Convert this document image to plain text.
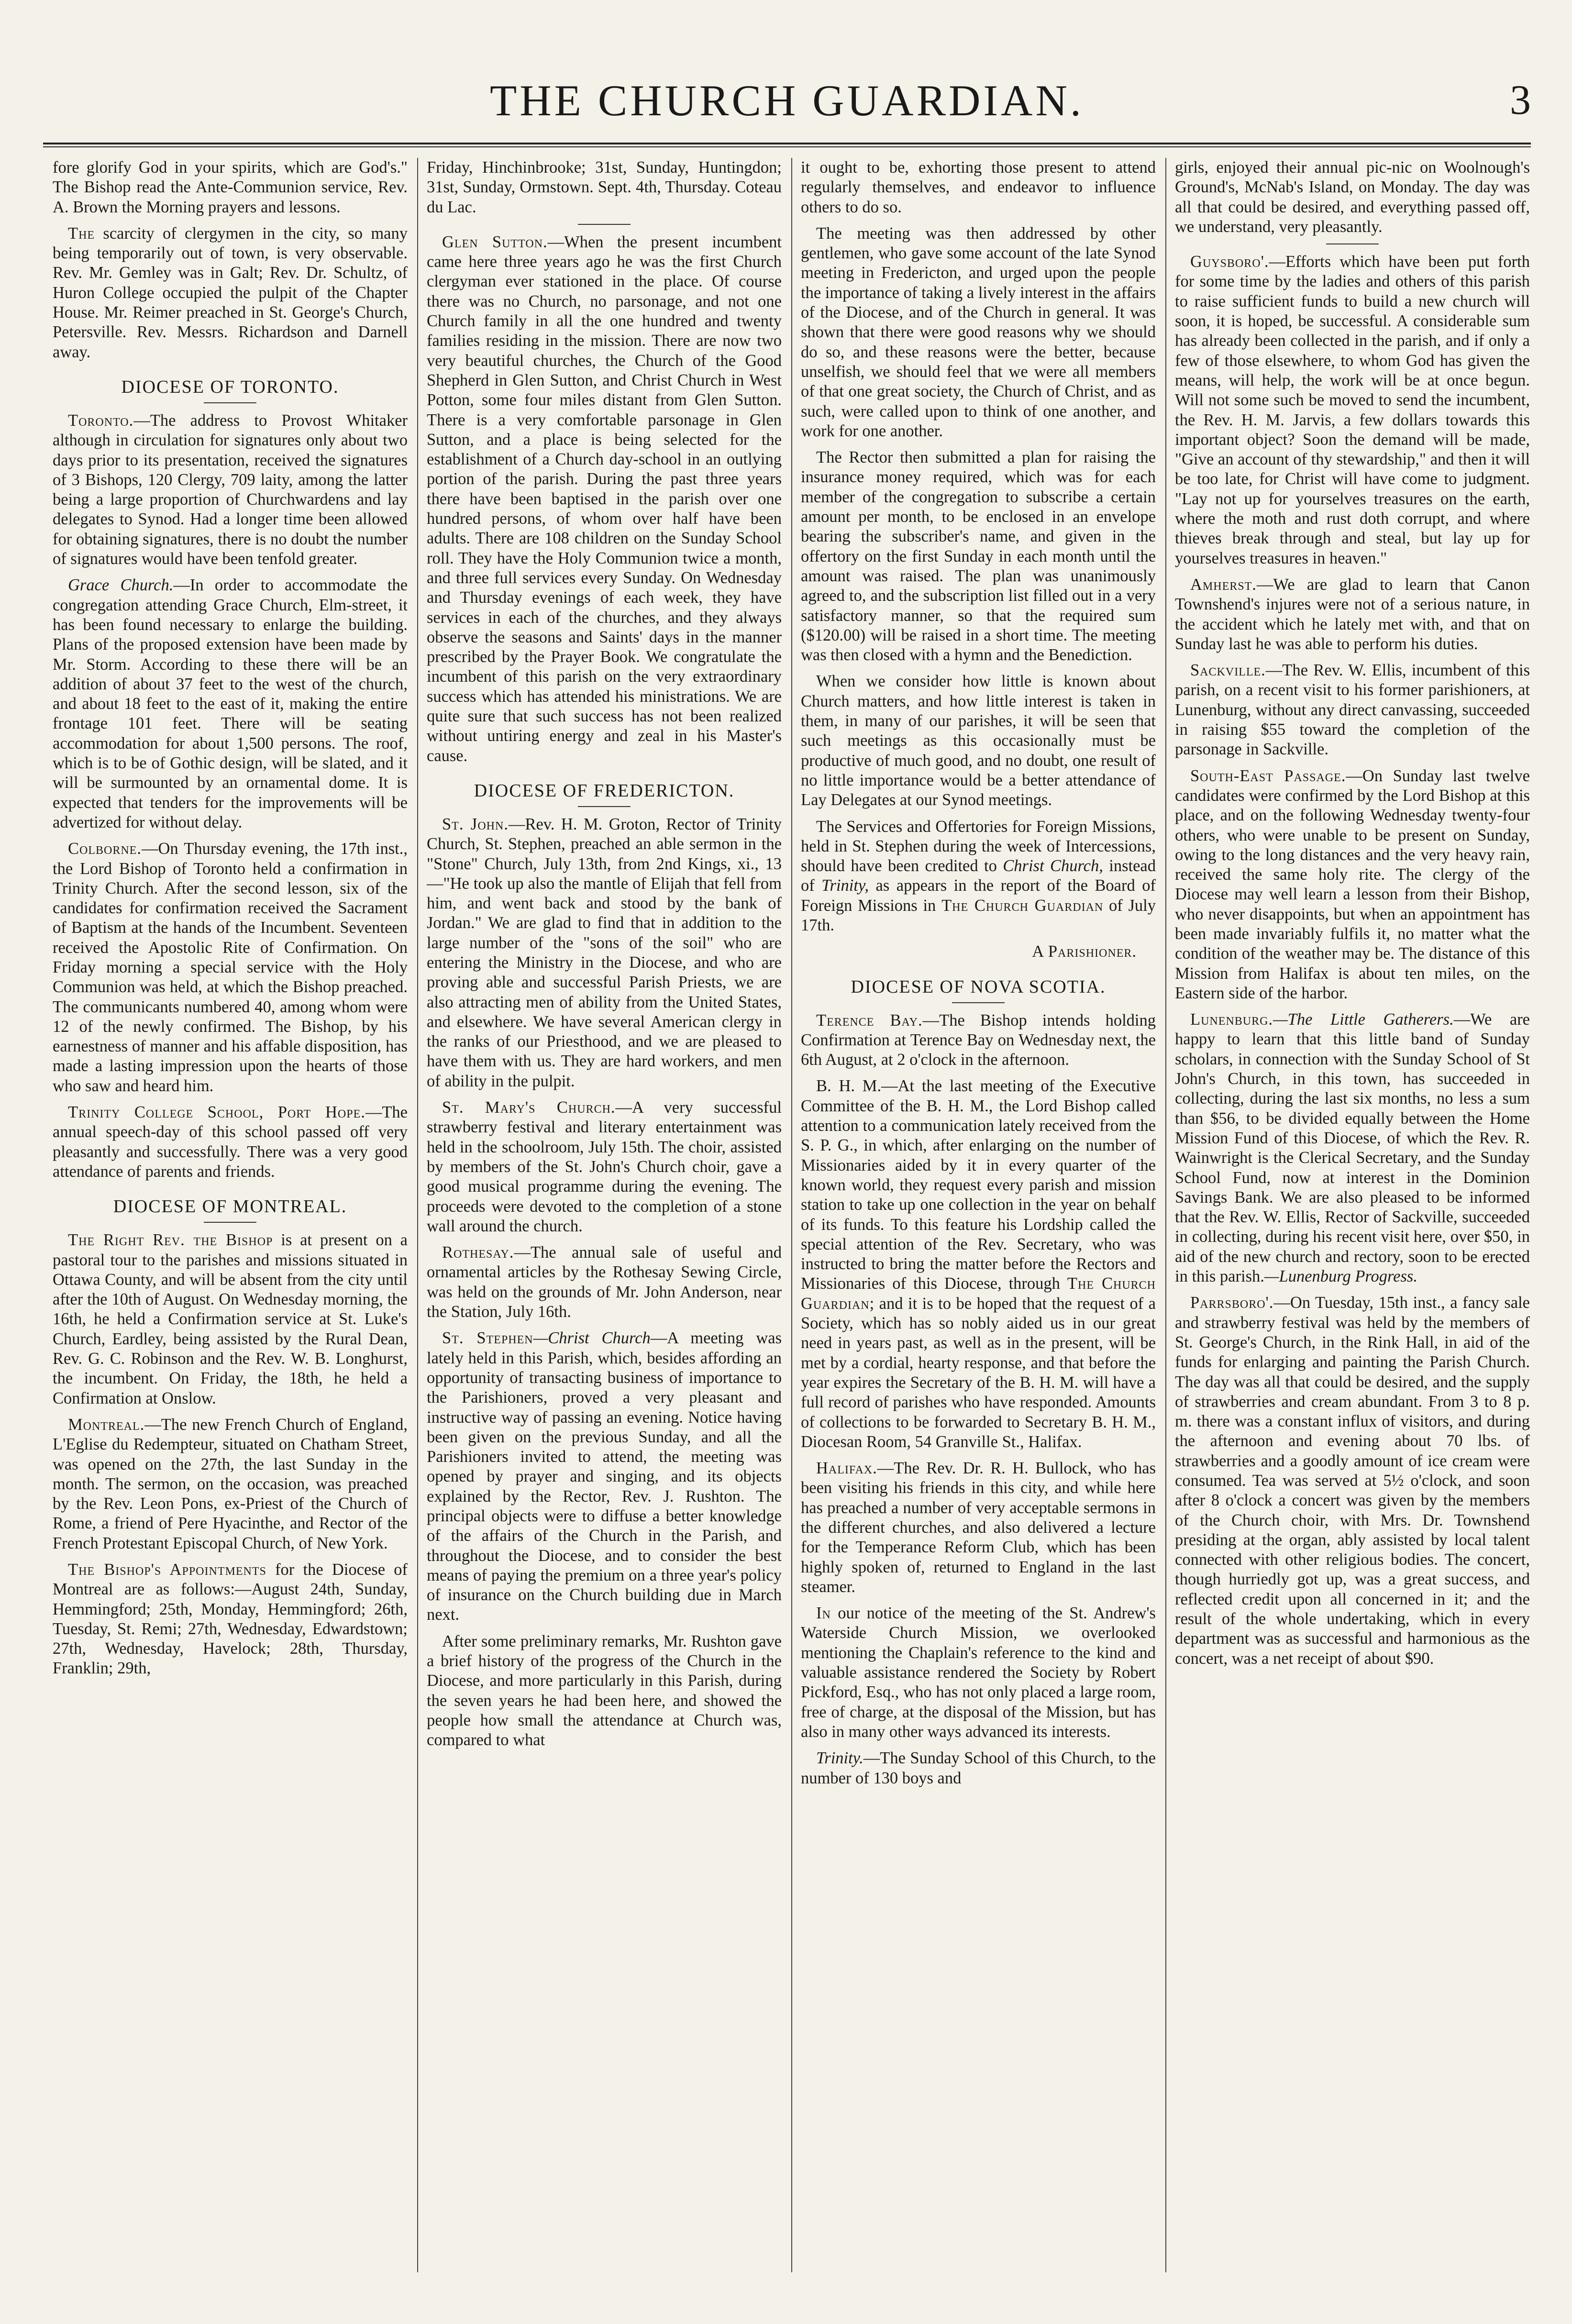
THE CHURCH GUARDIAN.	3

fore glorify God in your spirits, which are God's." The Bishop read the Ante-Communion service, Rev. A. Brown the Morning prayers and lessons.

The scarcity of clergymen in the city, so many being temporarily out of town, is very observable. Rev. Mr. Gemley was in Galt; Rev. Dr. Schultz, of Huron College occupied the pulpit of the Chapter House. Mr. Reimer preached in St. George's Church, Petersville. Rev. Messrs. Richardson and Darnell away.

DIOCESE OF TORONTO.

Toronto.—The address to Provost Whitaker although in circulation for signatures only about two days prior to its presentation, received the signatures of 3 Bishops, 120 Clergy, 709 laity, among the latter being a large proportion of Churchwardens and lay delegates to Synod. Had a longer time been allowed for obtaining signatures, there is no doubt the number of signatures would have been tenfold greater.

Grace Church.—In order to accommodate the congregation attending Grace Church, Elm-street, it has been found necessary to enlarge the building. Plans of the proposed extension have been made by Mr. Storm. According to these there will be an addition of about 37 feet to the west of the church, and about 18 feet to the east of it, making the entire frontage 101 feet. There will be seating accommodation for about 1,500 persons. The roof, which is to be of Gothic design, will be slated, and it will be surmounted by an ornamental dome. It is expected that tenders for the improvements will be advertized for without delay.

Colborne.—On Thursday evening, the 17th inst., the Lord Bishop of Toronto held a confirmation in Trinity Church. After the second lesson, six of the candidates for confirmation received the Sacrament of Baptism at the hands of the Incumbent. Seventeen received the Apostolic Rite of Confirmation. On Friday morning a special service with the Holy Communion was held, at which the Bishop preached. The communicants numbered 40, among whom were 12 of the newly confirmed. The Bishop, by his earnestness of manner and his affable disposition, has made a lasting impression upon the hearts of those who saw and heard him.

Trinity College School, Port Hope.—The annual speech-day of this school passed off very pleasantly and successfully. There was a very good attendance of parents and friends.

DIOCESE OF MONTREAL.

The Right Rev. the Bishop is at present on a pastoral tour to the parishes and missions situated in Ottawa County, and will be absent from the city until after the 10th of August. On Wednesday morning, the 16th, he held a Confirmation service at St. Luke's Church, Eardley, being assisted by the Rural Dean, Rev. G. C. Robinson and the Rev. W. B. Longhurst, the incumbent. On Friday, the 18th, he held a Confirmation at Onslow.

Montreal.—The new French Church of England, L'Eglise du Redempteur, situated on Chatham Street, was opened on the 27th, the last Sunday in the month. The sermon, on the occasion, was preached by the Rev. Leon Pons, ex-Priest of the Church of Rome, a friend of Pere Hyacinthe, and Rector of the French Protestant Episcopal Church, of New York.

The Bishop's Appointments for the Diocese of Montreal are as follows:—August 24th, Sunday, Hemmingford; 25th, Monday, Hemmingford; 26th, Tuesday, St. Remi; 27th, Wednesday, Edwardstown; 27th, Wednesday, Havelock; 28th, Thursday, Franklin; 29th,

Friday, Hinchinbrooke; 31st, Sunday, Huntingdon; 31st, Sunday, Ormstown. Sept. 4th, Thursday. Coteau du Lac.

Glen Sutton.—When the present incumbent came here three years ago he was the first Church clergyman ever stationed in the place. Of course there was no Church, no parsonage, and not one Church family in all the one hundred and twenty families residing in the mission. There are now two very beautiful churches, the Church of the Good Shepherd in Glen Sutton, and Christ Church in West Potton, some four miles distant from Glen Sutton. There is a very comfortable parsonage in Glen Sutton, and a place is being selected for the establishment of a Church day-school in an outlying portion of the parish. During the past three years there have been baptised in the parish over one hundred persons, of whom over half have been adults. There are 108 children on the Sunday School roll. They have the Holy Communion twice a month, and three full services every Sunday. On Wednesday and Thursday evenings of each week, they have services in each of the churches, and they always observe the seasons and Saints' days in the manner prescribed by the Prayer Book. We congratulate the incumbent of this parish on the very extraordinary success which has attended his ministrations. We are quite sure that such success has not been realized without untiring energy and zeal in his Master's cause.

DIOCESE OF FREDERICTON.

St. John.—Rev. H. M. Groton, Rector of Trinity Church, St. Stephen, preached an able sermon in the "Stone" Church, July 13th, from 2nd Kings, xi., 13—"He took up also the mantle of Elijah that fell from him, and went back and stood by the bank of Jordan." We are glad to find that in addition to the large number of the "sons of the soil" who are entering the Ministry in the Diocese, and who are proving able and successful Parish Priests, we are also attracting men of ability from the United States, and elsewhere. We have several American clergy in the ranks of our Priesthood, and we are pleased to have them with us. They are hard workers, and men of ability in the pulpit.

St. Mary's Church.—A very successful strawberry festival and literary entertainment was held in the schoolroom, July 15th. The choir, assisted by members of the St. John's Church choir, gave a good musical programme during the evening. The proceeds were devoted to the completion of a stone wall around the church.

Rothesay.—The annual sale of useful and ornamental articles by the Rothesay Sewing Circle, was held on the grounds of Mr. John Anderson, near the Station, July 16th.

St. Stephen—Christ Church—A meeting was lately held in this Parish, which, besides affording an opportunity of transacting business of importance to the Parishioners, proved a very pleasant and instructive way of passing an evening. Notice having been given on the previous Sunday, and all the Parishioners invited to attend, the meeting was opened by prayer and singing, and its objects explained by the Rector, Rev. J. Rushton. The principal objects were to diffuse a better knowledge of the affairs of the Church in the Parish, and throughout the Diocese, and to consider the best means of paying the premium on a three year's policy of insurance on the Church building due in March next.

After some preliminary remarks, Mr. Rushton gave a brief history of the progress of the Church in the Diocese, and more particularly in this Parish, during the seven years he had been here, and showed the people how small the attendance at Church was, compared to what

it ought to be, exhorting those present to attend regularly themselves, and endeavor to influence others to do so.

The meeting was then addressed by other gentlemen, who gave some account of the late Synod meeting in Fredericton, and urged upon the people the importance of taking a lively interest in the affairs of the Diocese, and of the Church in general. It was shown that there were good reasons why we should do so, and these reasons were the better, because unselfish, we should feel that we were all members of that one great society, the Church of Christ, and as such, were called upon to think of one another, and work for one another.

The Rector then submitted a plan for raising the insurance money required, which was for each member of the congregation to subscribe a certain amount per month, to be enclosed in an envelope bearing the subscriber's name, and given in the offertory on the first Sunday in each month until the amount was raised. The plan was unanimously agreed to, and the subscription list filled out in a very satisfactory manner, so that the required sum ($120.00) will be raised in a short time. The meeting was then closed with a hymn and the Benediction.

When we consider how little is known about Church matters, and how little interest is taken in them, in many of our parishes, it will be seen that such meetings as this occasionally must be productive of much good, and no doubt, one result of no little importance would be a better attendance of Lay Delegates at our Synod meetings.

The Services and Offertories for Foreign Missions, held in St. Stephen during the week of Intercessions, should have been credited to Christ Church, instead of Trinity, as appears in the report of the Board of Foreign Missions in The Church Guardian of July 17th.

A Parishioner.

DIOCESE OF NOVA SCOTIA.

Terence Bay.—The Bishop intends holding Confirmation at Terence Bay on Wednesday next, the 6th August, at 2 o'clock in the afternoon.

B. H. M.—At the last meeting of the Executive Committee of the B. H. M., the Lord Bishop called attention to a communication lately received from the S. P. G., in which, after enlarging on the number of Missionaries aided by it in every quarter of the known world, they request every parish and mission station to take up one collection in the year on behalf of its funds. To this feature his Lordship called the special attention of the Rev. Secretary, who was instructed to bring the matter before the Rectors and Missionaries of this Diocese, through The Church Guardian; and it is to be hoped that the request of a Society, which has so nobly aided us in our great need in years past, as well as in the present, will be met by a cordial, hearty response, and that before the year expires the Secretary of the B. H. M. will have a full record of parishes who have responded. Amounts of collections to be forwarded to Secretary B. H. M., Diocesan Room, 54 Granville St., Halifax.

Halifax.—The Rev. Dr. R. H. Bullock, who has been visiting his friends in this city, and while here has preached a number of very acceptable sermons in the different churches, and also delivered a lecture for the Temperance Reform Club, which has been highly spoken of, returned to England in the last steamer.

In our notice of the meeting of the St. Andrew's Waterside Church Mission, we overlooked mentioning the Chaplain's reference to the kind and valuable assistance rendered the Society by Robert Pickford, Esq., who has not only placed a large room, free of charge, at the disposal of the Mission, but has also in many other ways advanced its interests.

Trinity.—The Sunday School of this Church, to the number of 130 boys and

girls, enjoyed their annual pic-nic on Woolnough's Ground's, McNab's Island, on Monday. The day was all that could be desired, and everything passed off, we understand, very pleasantly.

Guysboro'.—Efforts which have been put forth for some time by the ladies and others of this parish to raise sufficient funds to build a new church will soon, it is hoped, be successful. A considerable sum has already been collected in the parish, and if only a few of those elsewhere, to whom God has given the means, will help, the work will be at once begun. Will not some such be moved to send the incumbent, the Rev. H. M. Jarvis, a few dollars towards this important object? Soon the demand will be made, "Give an account of thy stewardship," and then it will be too late, for Christ will have come to judgment. "Lay not up for yourselves treasures on the earth, where the moth and rust doth corrupt, and where thieves break through and steal, but lay up for yourselves treasures in heaven."

Amherst.—We are glad to learn that Canon Townshend's injures were not of a serious nature, in the accident which he lately met with, and that on Sunday last he was able to perform his duties.

Sackville.—The Rev. W. Ellis, incumbent of this parish, on a recent visit to his former parishioners, at Lunenburg, without any direct canvassing, succeeded in raising $55 toward the completion of the parsonage in Sackville.

South-East Passage.—On Sunday last twelve candidates were confirmed by the Lord Bishop at this place, and on the following Wednesday twenty-four others, who were unable to be present on Sunday, owing to the long distances and the very heavy rain, received the same holy rite. The clergy of the Diocese may well learn a lesson from their Bishop, who never disappoints, but when an appointment has been made invariably fulfils it, no matter what the condition of the weather may be. The distance of this Mission from Halifax is about ten miles, on the Eastern side of the harbor.

Lunenburg.—The Little Gatherers.—We are happy to learn that this little band of Sunday scholars, in connection with the Sunday School of St John's Church, in this town, has succeeded in collecting, during the last six months, no less a sum than $56, to be divided equally between the Home Mission Fund of this Diocese, of which the Rev. R. Wainwright is the Clerical Secretary, and the Sunday School Fund, now at interest in the Dominion Savings Bank. We are also pleased to be informed that the Rev. W. Ellis, Rector of Sackville, succeeded in collecting, during his recent visit here, over $50, in aid of the new church and rectory, soon to be erected in this parish.—Lunenburg Progress.

Parrsboro'.—On Tuesday, 15th inst., a fancy sale and strawberry festival was held by the members of St. George's Church, in the Rink Hall, in aid of the funds for enlarging and painting the Parish Church. The day was all that could be desired, and the supply of strawberries and cream abundant. From 3 to 8 p. m. there was a constant influx of visitors, and during the afternoon and evening about 70 lbs. of strawberries and a goodly amount of ice cream were consumed. Tea was served at 5½ o'clock, and soon after 8 o'clock a concert was given by the members of the Church choir, with Mrs. Dr. Townshend presiding at the organ, ably assisted by local talent connected with other religious bodies. The concert, though hurriedly got up, was a great success, and reflected credit upon all concerned in it; and the result of the whole undertaking, which in every department was as successful and harmonious as the concert, was a net receipt of about $90.
